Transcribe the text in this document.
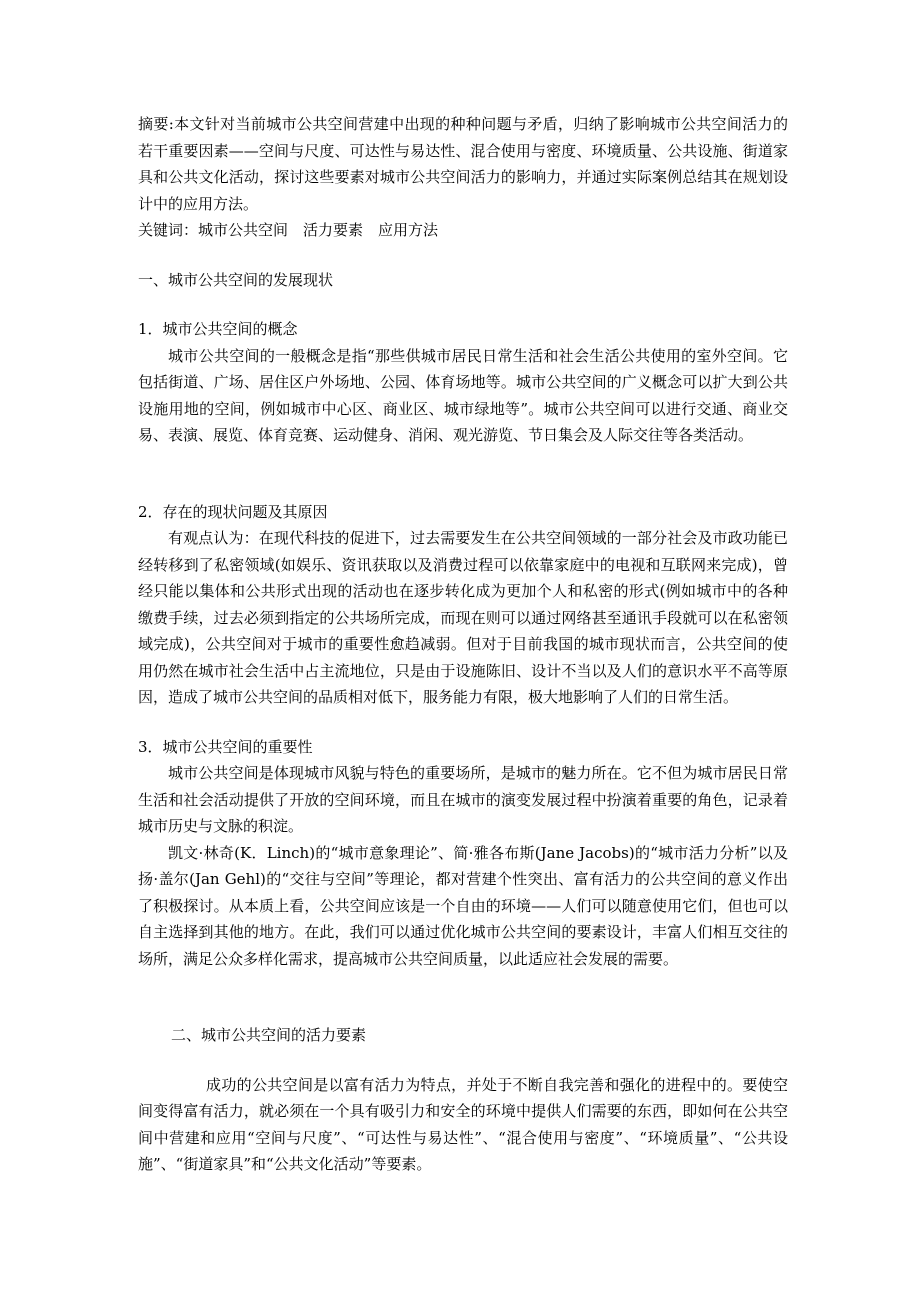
摘要:本文针对当前城市公共空间营建中出现的种种问题与矛盾，归纳了影响城市公共空间活力的若干重要因素——空间与尺度、可达性与易达性、混合使用与密度、环境质量、公共设施、街道家具和公共文化活动，探讨这些要素对城市公共空间活力的影响力，并通过实际案例总结其在规划设计中的应用方法。

关键词：城市公共空间　活力要素　应用方法

一、城市公共空间的发展现状

1．城市公共空间的概念

城市公共空间的一般概念是指“那些供城市居民日常生活和社会生活公共使用的室外空间。它包括街道、广场、居住区户外场地、公园、体育场地等。城市公共空间的广义概念可以扩大到公共设施用地的空间，例如城市中心区、商业区、城市绿地等”。城市公共空间可以进行交通、商业交易、表演、展览、体育竞赛、运动健身、消闲、观光游览、节日集会及人际交往等各类活动。

2．存在的现状问题及其原因

有观点认为：在现代科技的促进下，过去需要发生在公共空间领域的一部分社会及市政功能已经转移到了私密领域(如娱乐、资讯获取以及消费过程可以依靠家庭中的电视和互联网来完成)，曾经只能以集体和公共形式出现的活动也在逐步转化成为更加个人和私密的形式(例如城市中的各种缴费手续，过去必须到指定的公共场所完成，而现在则可以通过网络甚至通讯手段就可以在私密领域完成)，公共空间对于城市的重要性愈趋减弱。但对于目前我国的城市现状而言，公共空间的使用仍然在城市社会生活中占主流地位，只是由于设施陈旧、设计不当以及人们的意识水平不高等原因，造成了城市公共空间的品质相对低下，服务能力有限，极大地影响了人们的日常生活。

3．城市公共空间的重要性

城市公共空间是体现城市风貌与特色的重要场所，是城市的魅力所在。它不但为城市居民日常生活和社会活动提供了开放的空间环境，而且在城市的演变发展过程中扮演着重要的角色，记录着城市历史与文脉的积淀。

凯文·林奇(K．Linch)的“城市意象理论”、简·雅各布斯(Jane Jacobs)的“城市活力分析”以及扬·盖尔(Jan Gehl)的“交往与空间”等理论，都对营建个性突出、富有活力的公共空间的意义作出了积极探讨。从本质上看，公共空间应该是一个自由的环境——人们可以随意使用它们，但也可以自主选择到其他的地方。在此，我们可以通过优化城市公共空间的要素设计，丰富人们相互交往的场所，满足公众多样化需求，提高城市公共空间质量，以此适应社会发展的需要。

二、城市公共空间的活力要素

成功的公共空间是以富有活力为特点，并处于不断自我完善和强化的进程中的。要使空间变得富有活力，就必须在一个具有吸引力和安全的环境中提供人们需要的东西，即如何在公共空间中营建和应用“空间与尺度”、“可达性与易达性”、“混合使用与密度”、“环境质量”、“公共设施”、“街道家具”和“公共文化活动”等要素。
